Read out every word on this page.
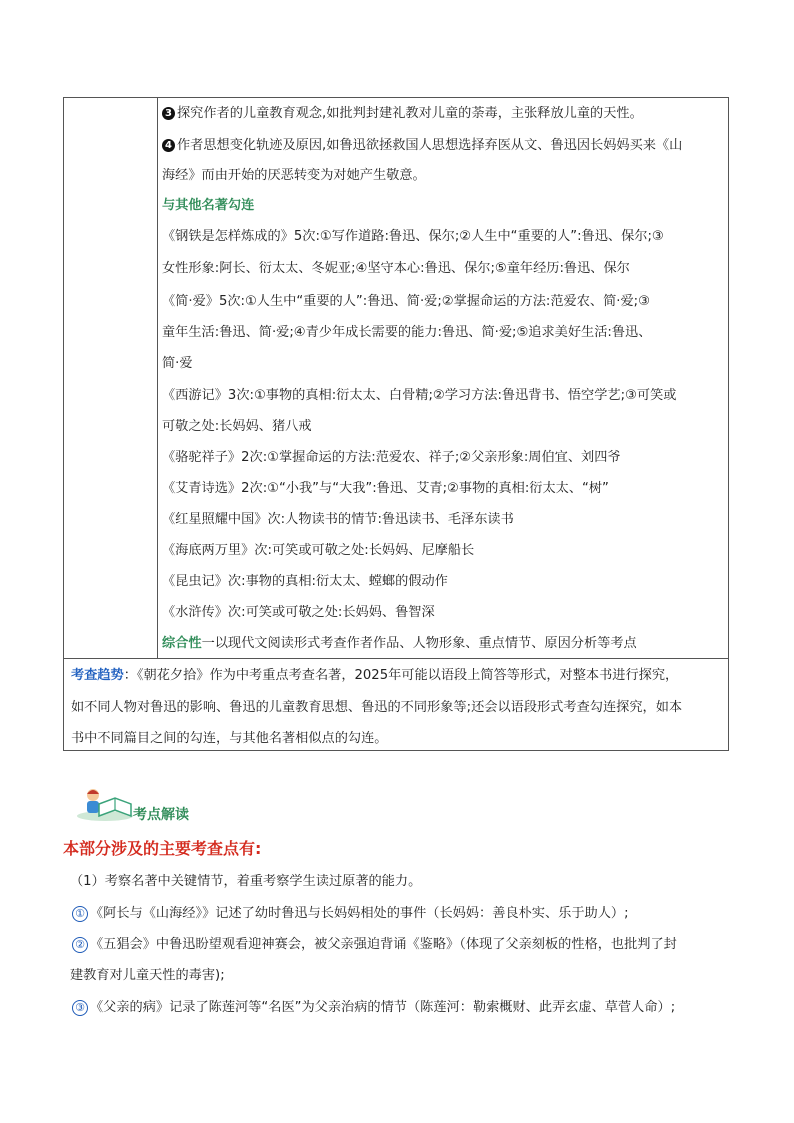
3 探究作者的儿童教育观念,如批判封建礼教对儿童的荼毒，主张释放儿童的天性。
4 作者思想变化轨迹及原因,如鲁迅欲拯救国人思想选择弃医从文、鲁迅因长妈妈买来《山
海经》而由开始的厌恶转变为对她产生敬意。
与其他名著勾连
《钢铁是怎样炼成的》5次:①写作道路:鲁迅、保尔;②人生中“重要的人”:鲁迅、保尔;③
女性形象:阿长、衍太太、冬妮亚;④坚守本心:鲁迅、保尔;⑤童年经历:鲁迅、保尔
《简·爱》5次:①人生中“重要的人”:鲁迅、简·爱;②掌握命运的方法:范爱农、简·爱;③
童年生活:鲁迅、简·爱;④青少年成长需要的能力:鲁迅、简·爱;⑤追求美好生活:鲁迅、
简·爱
《西游记》3次:①事物的真相:衍太太、白骨精;②学习方法:鲁迅背书、悟空学艺;③可笑或
可敬之处:长妈妈、猪八戒
《骆驼祥子》2次:①掌握命运的方法:范爱农、祥子;②父亲形象:周伯宜、刘四爷
《艾青诗选》2次:①“小我”与“大我”:鲁迅、艾青;②事物的真相:衍太太、“树”
《红星照耀中国》次:人物读书的情节:鲁迅读书、毛泽东读书
《海底两万里》次:可笑或可敬之处:长妈妈、尼摩船长
《昆虫记》次:事物的真相:衍太太、螳螂的假动作
《水浒传》次:可笑或可敬之处:长妈妈、鲁智深
综合性一以现代文阅读形式考查作者作品、人物形象、重点情节、原因分析等考点
考查趋势：《朝花夕拾》作为中考重点考查名著，2025年可能以语段上简答等形式，对整本书进行探究，
如不同人物对鲁迅的影响、鲁迅的儿童教育思想、鲁迅的不同形象等;还会以语段形式考查勾连探究，如本
书中不同篇目之间的勾连，与其他名著相似点的勾连。
考点解读
本部分涉及的主要考查点有:
（1）考察名著中关键情节，着重考察学生读过原著的能力。
① 《阿长与《山海经》》记述了幼时鲁迅与长妈妈相处的事件（长妈妈：善良朴实、乐于助人）;
② 《五猖会》中鲁迅盼望观看迎神赛会，被父亲强迫背诵《鉴略》（体现了父亲刻板的性格，也批判了封
建教育对儿童天性的毒害);
③ 《父亲的病》记录了陈莲河等“名医”为父亲治病的情节（陈莲河：勒索概财、此弄玄虚、草菅人命）;
